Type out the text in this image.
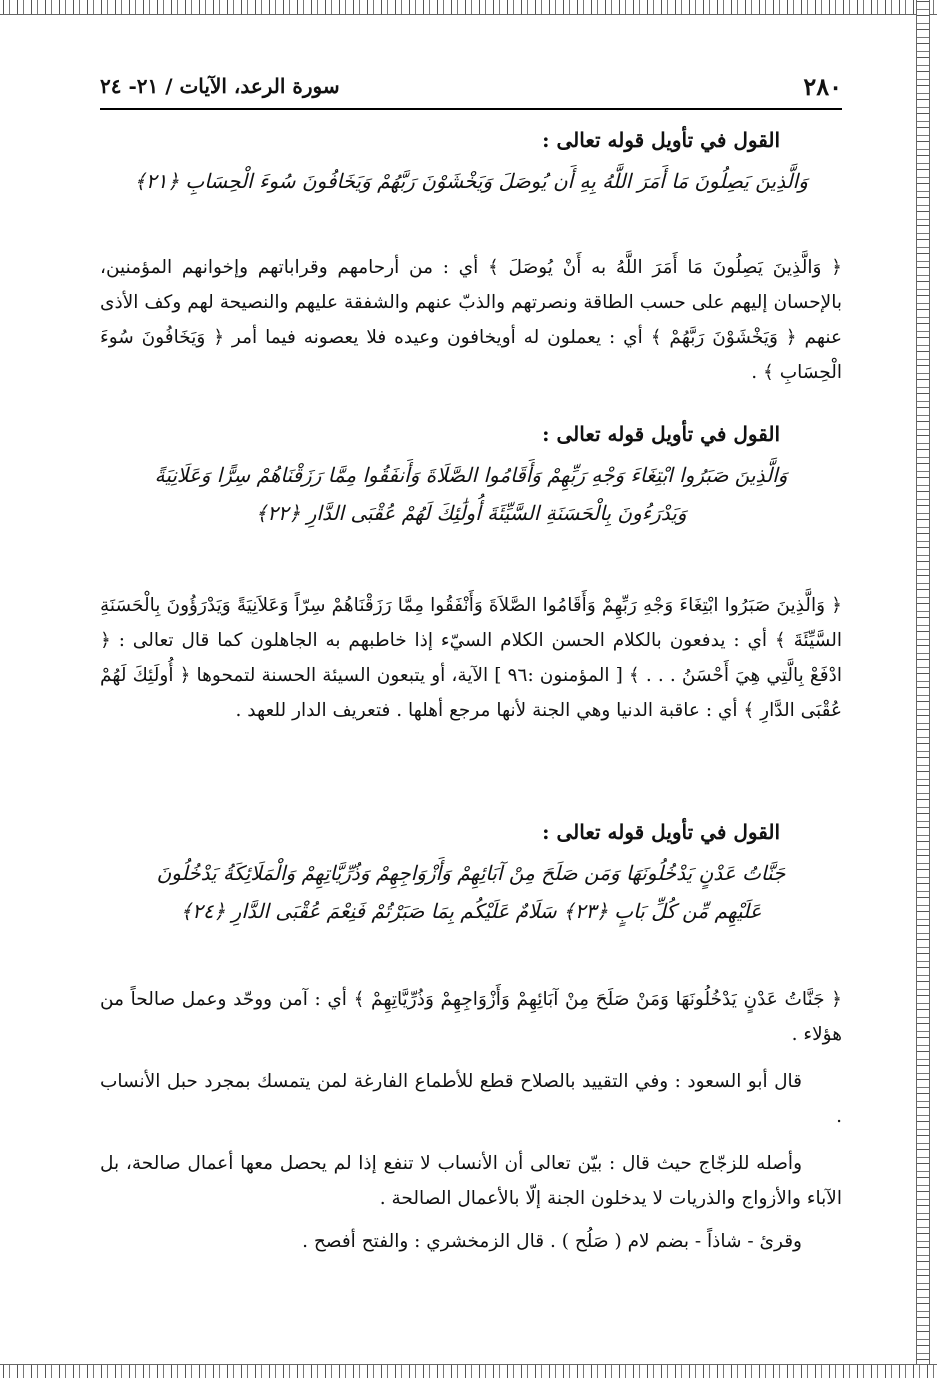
٢٨٠
سورة الرعد، الآيات / ٢١- ٢٤
القول في تأويل قوله تعالى :
وَالَّذِينَ يَصِلُونَ مَا أَمَرَ اللَّهُ بِهِ أَن يُوصَلَ وَيَخْشَوْنَ رَبَّهُمْ وَيَخَافُونَ سُوءَ الْحِسَابِ ﴿٢١﴾

﴿ وَالَّذِينَ يَصِلُونَ مَا أَمَرَ اللَّهُ به أَنْ يُوصَلَ ﴾ أي : من أرحامهم وقراباتهم وإخوانهم المؤمنين، بالإحسان إليهم على حسب الطاقة ونصرتهم والذبّ عنهم والشفقة عليهم والنصيحة لهم وكف الأذى عنهم ﴿ وَيَخْشَوْنَ رَبَّهُمْ ﴾ أي : يعملون له أويخافون وعيده فلا يعصونه فيما أمر ﴿ وَيَخَافُونَ سُوءَ الْحِسَابِ ﴾ .

القول في تأويل قوله تعالى :
وَالَّذِينَ صَبَرُوا ابْتِغَاءَ وَجْهِ رَبِّهِمْ وَأَقَامُوا الصَّلَاةَ وَأَنفَقُوا مِمَّا رَزَقْنَاهُمْ سِرًّا وَعَلَانِيَةً وَيَدْرَءُونَ بِالْحَسَنَةِ السَّيِّئَةَ أُولَٰئِكَ لَهُمْ عُقْبَى الدَّارِ ﴿٢٢﴾

﴿ وَالَّذِينَ صَبَرُوا ابْتِغَاءَ وَجْهِ رَبِّهِمْ وَأَقَامُوا الصَّلاَةَ وَأَنْفَقُوا مِمَّا رَزَقْنَاهُمْ سِرّاً وَعَلاَنِيَةً وَيَدْرَؤُونَ بِالْحَسَنَةِ السَّيِّئَةَ ﴾ أي : يدفعون بالكلام الحسن الكلام السيّء إذا خاطبهم به الجاهلون كما قال تعالى : ﴿ ادْفَعْ بِالَّتِي هِيَ أَحْسَنُ . . . ﴾ [ المؤمنون :٩٦ ] الآية، أو يتبعون السيئة الحسنة لتمحوها ﴿ أُولَئِكَ لَهُمْ عُقْبَى الدَّارِ ﴾ أي : عاقبة الدنيا وهي الجنة لأنها مرجع أهلها . فتعريف الدار للعهد .

القول في تأويل قوله تعالى :
جَنَّاتُ عَدْنٍ يَدْخُلُونَهَا وَمَن صَلَحَ مِنْ آبَائِهِمْ وَأَزْوَاجِهِمْ وَذُرِّيَّاتِهِمْ وَالْمَلَائِكَةُ يَدْخُلُونَ عَلَيْهِم مِّن كُلِّ بَابٍ ﴿٢٣﴾ سَلَامٌ عَلَيْكُم بِمَا صَبَرْتُمْ فَنِعْمَ عُقْبَى الدَّارِ ﴿٢٤﴾

﴿ جَنَّاتُ عَدْنٍ يَدْخُلُونَهَا وَمَنْ صَلَحَ مِنْ آبَائِهِمْ وَأَزْوَاجِهِمْ وَذُرِّيَّاتِهِمْ ﴾ أي : آمن ووحّد وعمل صالحاً من هؤلاء .

قال أبو السعود : وفي التقييد بالصلاح قطع للأطماع الفارغة لمن يتمسك بمجرد حبل الأنساب .

وأصله للزجّاج حيث قال : بيّن تعالى أن الأنساب لا تنفع إذا لم يحصل معها أعمال صالحة، بل الآباء والأزواج والذريات لا يدخلون الجنة إلّا بالأعمال الصالحة .

وقرئ - شاذاً - بضم لام ( صَلُح ) . قال الزمخشري : والفتح أفصح .
